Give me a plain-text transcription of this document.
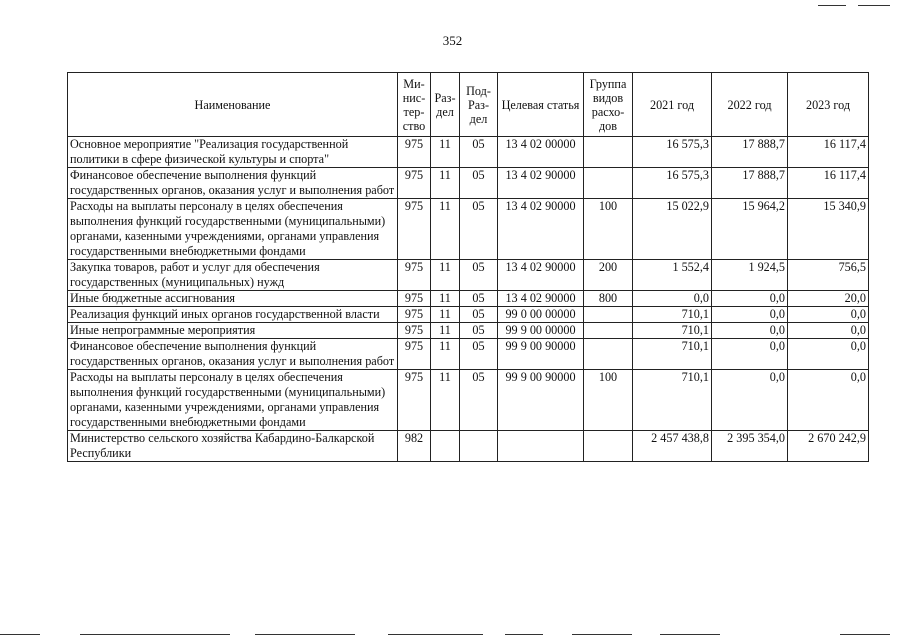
352
Наименование	Ми-нис-тер-ство	Раз-дел	Под-Раз-дел	Целевая статья	Группа видов расхо-дов	2021 год	2022 год	2023 год
Основное мероприятие "Реализация государственной политики в сфере физической культуры и спорта"	975	11	05	13 4 02 00000		16 575,3	17 888,7	16 117,4
Финансовое обеспечение выполнения функций государственных органов, оказания услуг и выполнения работ	975	11	05	13 4 02 90000		16 575,3	17 888,7	16 117,4
Расходы на выплаты персоналу в целях обеспечения выполнения функций государственными (муниципальными) органами, казенными учреждениями, органами управления государственными внебюджетными фондами	975	11	05	13 4 02 90000	100	15 022,9	15 964,2	15 340,9
Закупка товаров, работ и услуг для обеспечения государственных (муниципальных) нужд	975	11	05	13 4 02 90000	200	1 552,4	1 924,5	756,5
Иные бюджетные ассигнования	975	11	05	13 4 02 90000	800	0,0	0,0	20,0
Реализация функций иных органов государственной власти	975	11	05	99 0 00 00000		710,1	0,0	0,0
Иные непрограммные мероприятия	975	11	05	99 9 00 00000		710,1	0,0	0,0
Финансовое обеспечение выполнения функций государственных органов, оказания услуг и выполнения работ	975	11	05	99 9 00 90000		710,1	0,0	0,0
Расходы на выплаты персоналу в целях обеспечения выполнения функций государственными (муниципальными) органами, казенными учреждениями, органами управления государственными внебюджетными фондами	975	11	05	99 9 00 90000	100	710,1	0,0	0,0
Министерство сельского хозяйства Кабардино-Балкарской Республики	982					2 457 438,8	2 395 354,0	2 670 242,9
